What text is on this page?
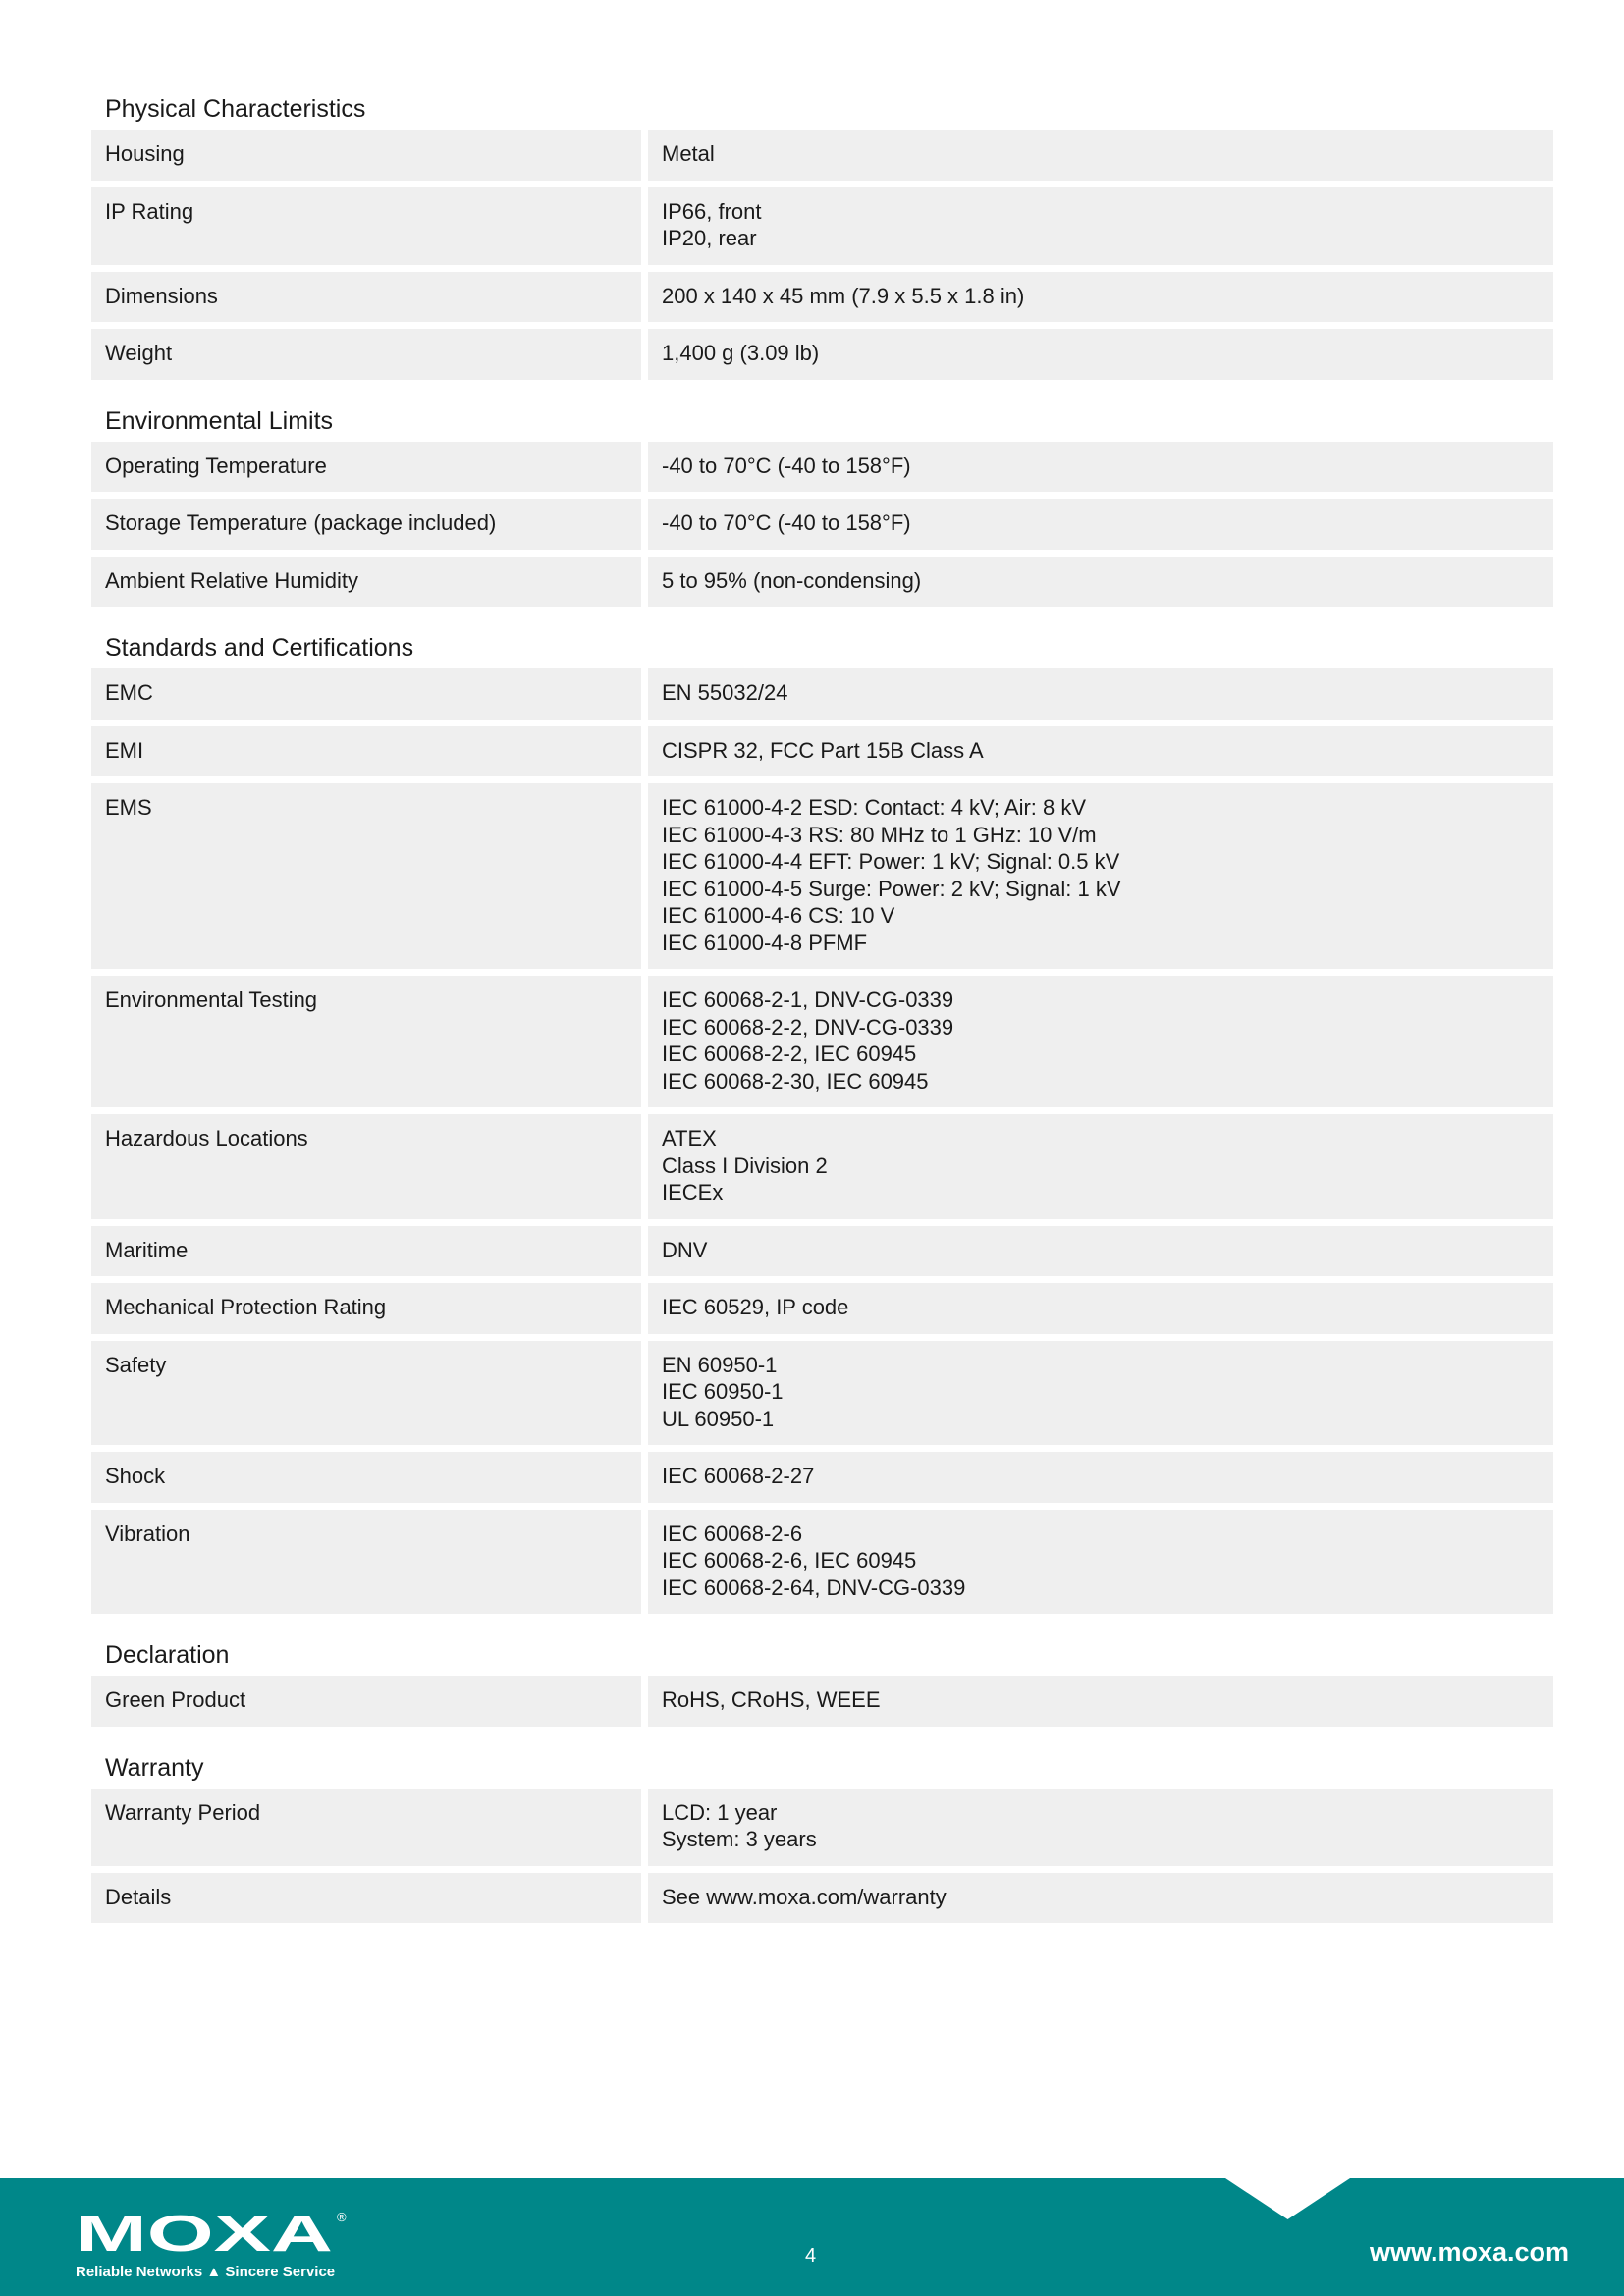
Physical Characteristics
Housing	Metal
IP Rating	IP66, front
IP20, rear
Dimensions	200 x 140 x 45 mm (7.9 x 5.5 x 1.8 in)
Weight	1,400 g (3.09 lb)
Environmental Limits
Operating Temperature	-40 to 70°C (-40 to 158°F)
Storage Temperature (package included)	-40 to 70°C (-40 to 158°F)
Ambient Relative Humidity	5 to 95% (non-condensing)
Standards and Certifications
EMC	EN 55032/24
EMI	CISPR 32, FCC Part 15B Class A
EMS	IEC 61000-4-2 ESD: Contact: 4 kV; Air: 8 kV
IEC 61000-4-3 RS: 80 MHz to 1 GHz: 10 V/m
IEC 61000-4-4 EFT: Power: 1 kV; Signal: 0.5 kV
IEC 61000-4-5 Surge: Power: 2 kV; Signal: 1 kV
IEC 61000-4-6 CS: 10 V
IEC 61000-4-8 PFMF
Environmental Testing	IEC 60068-2-1, DNV-CG-0339
IEC 60068-2-2, DNV-CG-0339
IEC 60068-2-2, IEC 60945
IEC 60068-2-30, IEC 60945
Hazardous Locations	ATEX
Class I Division 2
IECEx
Maritime	DNV
Mechanical Protection Rating	IEC 60529, IP code
Safety	EN 60950-1
IEC 60950-1
UL 60950-1
Shock	IEC 60068-2-27
Vibration	IEC 60068-2-6
IEC 60068-2-6, IEC 60945
IEC 60068-2-64, DNV-CG-0339
Declaration
Green Product	RoHS, CRoHS, WEEE
Warranty
Warranty Period	LCD: 1 year
System: 3 years
Details	See www.moxa.com/warranty
MOXA ®
Reliable Networks ▲ Sincere Service
4	www.moxa.com
